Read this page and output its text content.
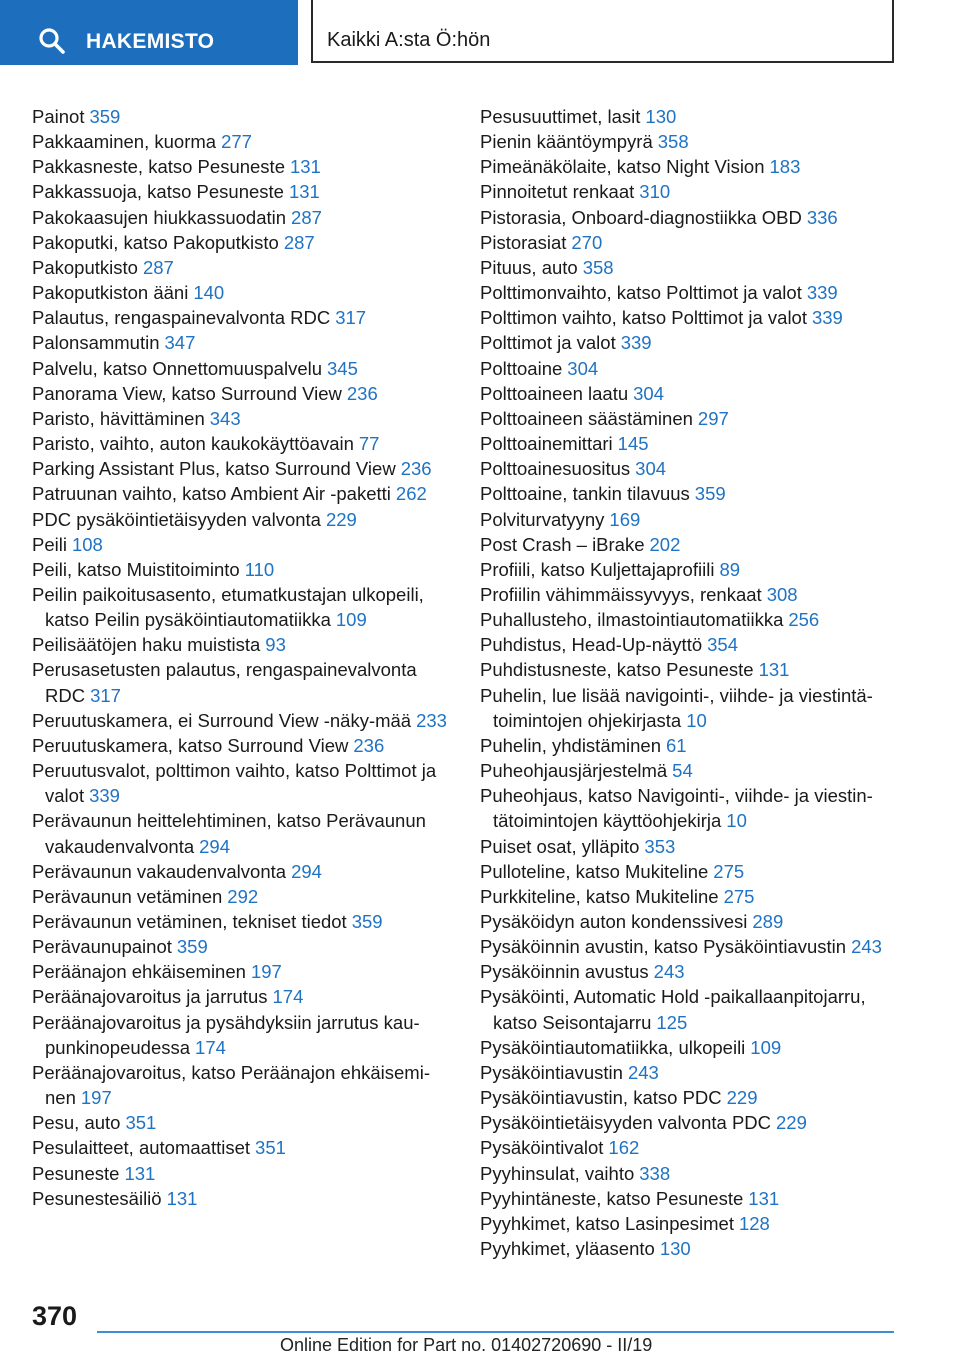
HAKEMISTO	Kaikki A:sta Ö:hön

Painot 359

Pakkaaminen, kuorma 277

Pakkasneste, katso Pesuneste 131

Pakkassuoja, katso Pesuneste 131

Pakokaasujen hiukkassuodatin 287

Pakoputki, katso Pakoputkisto 287

Pakoputkisto 287

Pakoputkiston ääni 140

Palautus, rengaspainevalvonta RDC 317

Palonsammutin 347

Palvelu, katso Onnettomuuspalvelu 345

Panorama View, katso Surround View 236

Paristo, hävittäminen 343

Paristo, vaihto, auton kaukokäyttöavain 77

Parking Assistant Plus, katso Surround View 236

Patruunan vaihto, katso Ambient Air -paketti 262

PDC pysäköintietäisyyden valvonta 229

Peili 108

Peili, katso Muistitoiminto 110

Peilin paikoitusasento, etumatkustajan ulkopeili, katso Peilin pysäköintiautomatiikka 109

Peilisäätöjen haku muistista 93

Perusasetusten palautus, rengaspainevalvonta RDC 317

Peruutuskamera, ei Surround View -näky-mää 233

Peruutuskamera, katso Surround View 236

Peruutusvalot, polttimon vaihto, katso Polttimot ja valot 339

Perävaunun heittelehtiminen, katso Perävaunun vakaudenvalvonta 294

Perävaunun vakaudenvalvonta 294

Perävaunun vetäminen 292

Perävaunun vetäminen, tekniset tiedot 359

Perävaunupainot 359

Peräänajon ehkäiseminen 197

Peräänajovaroitus ja jarrutus 174

Peräänajovaroitus ja pysähdyksiin jarrutus kau-punkinopeudessa 174

Peräänajovaroitus, katso Peräänajon ehkäisemi-nen 197

Pesu, auto 351

Pesulaitteet, automaattiset 351

Pesuneste 131

Pesunestesäiliö 131

Pesusuuttimet, lasit 130

Pienin kääntöympyrä 358

Pimeänäkölaite, katso Night Vision 183

Pinnoitetut renkaat 310

Pistorasia, Onboard-diagnostiikka OBD 336

Pistorasiat 270

Pituus, auto 358

Polttimonvaihto, katso Polttimot ja valot 339

Polttimon vaihto, katso Polttimot ja valot 339

Polttimot ja valot 339

Polttoaine 304

Polttoaineen laatu 304

Polttoaineen säästäminen 297

Polttoainemittari 145

Polttoainesuositus 304

Polttoaine, tankin tilavuus 359

Polviturvatyyny 169

Post Crash – iBrake 202

Profiili, katso Kuljettajaprofiili 89

Profiilin vähimmäissyvyys, renkaat 308

Puhallusteho, ilmastointiautomatiikka 256

Puhdistus, Head-Up-näyttö 354

Puhdistusneste, katso Pesuneste 131

Puhelin, lue lisää navigointi-, viihde- ja viestintä-toimintojen ohjekirjasta 10

Puhelin, yhdistäminen 61

Puheohjausjärjestelmä 54

Puheohjaus, katso Navigointi-, viihde- ja viestin-tätoimintojen käyttöohjekirja 10

Puiset osat, ylläpito 353

Pulloteline, katso Mukiteline 275

Purkkiteline, katso Mukiteline 275

Pysäköidyn auton kondenssivesi 289

Pysäköinnin avustin, katso Pysäköintiavustin 243

Pysäköinnin avustus 243

Pysäköinti, Automatic Hold -paikallaanpitojarru, katso Seisontajarru 125

Pysäköintiautomatiikka, ulkopeili 109

Pysäköintiavustin 243

Pysäköintiavustin, katso PDC 229

Pysäköintietäisyyden valvonta PDC 229

Pysäköintivalot 162

Pyyhinsulat, vaihto 338

Pyyhintäneste, katso Pesuneste 131

Pyyhkimet, katso Lasinpesimet 128

Pyyhkimet, yläasento 130

370
Online Edition for Part no. 01402720690 - II/19
